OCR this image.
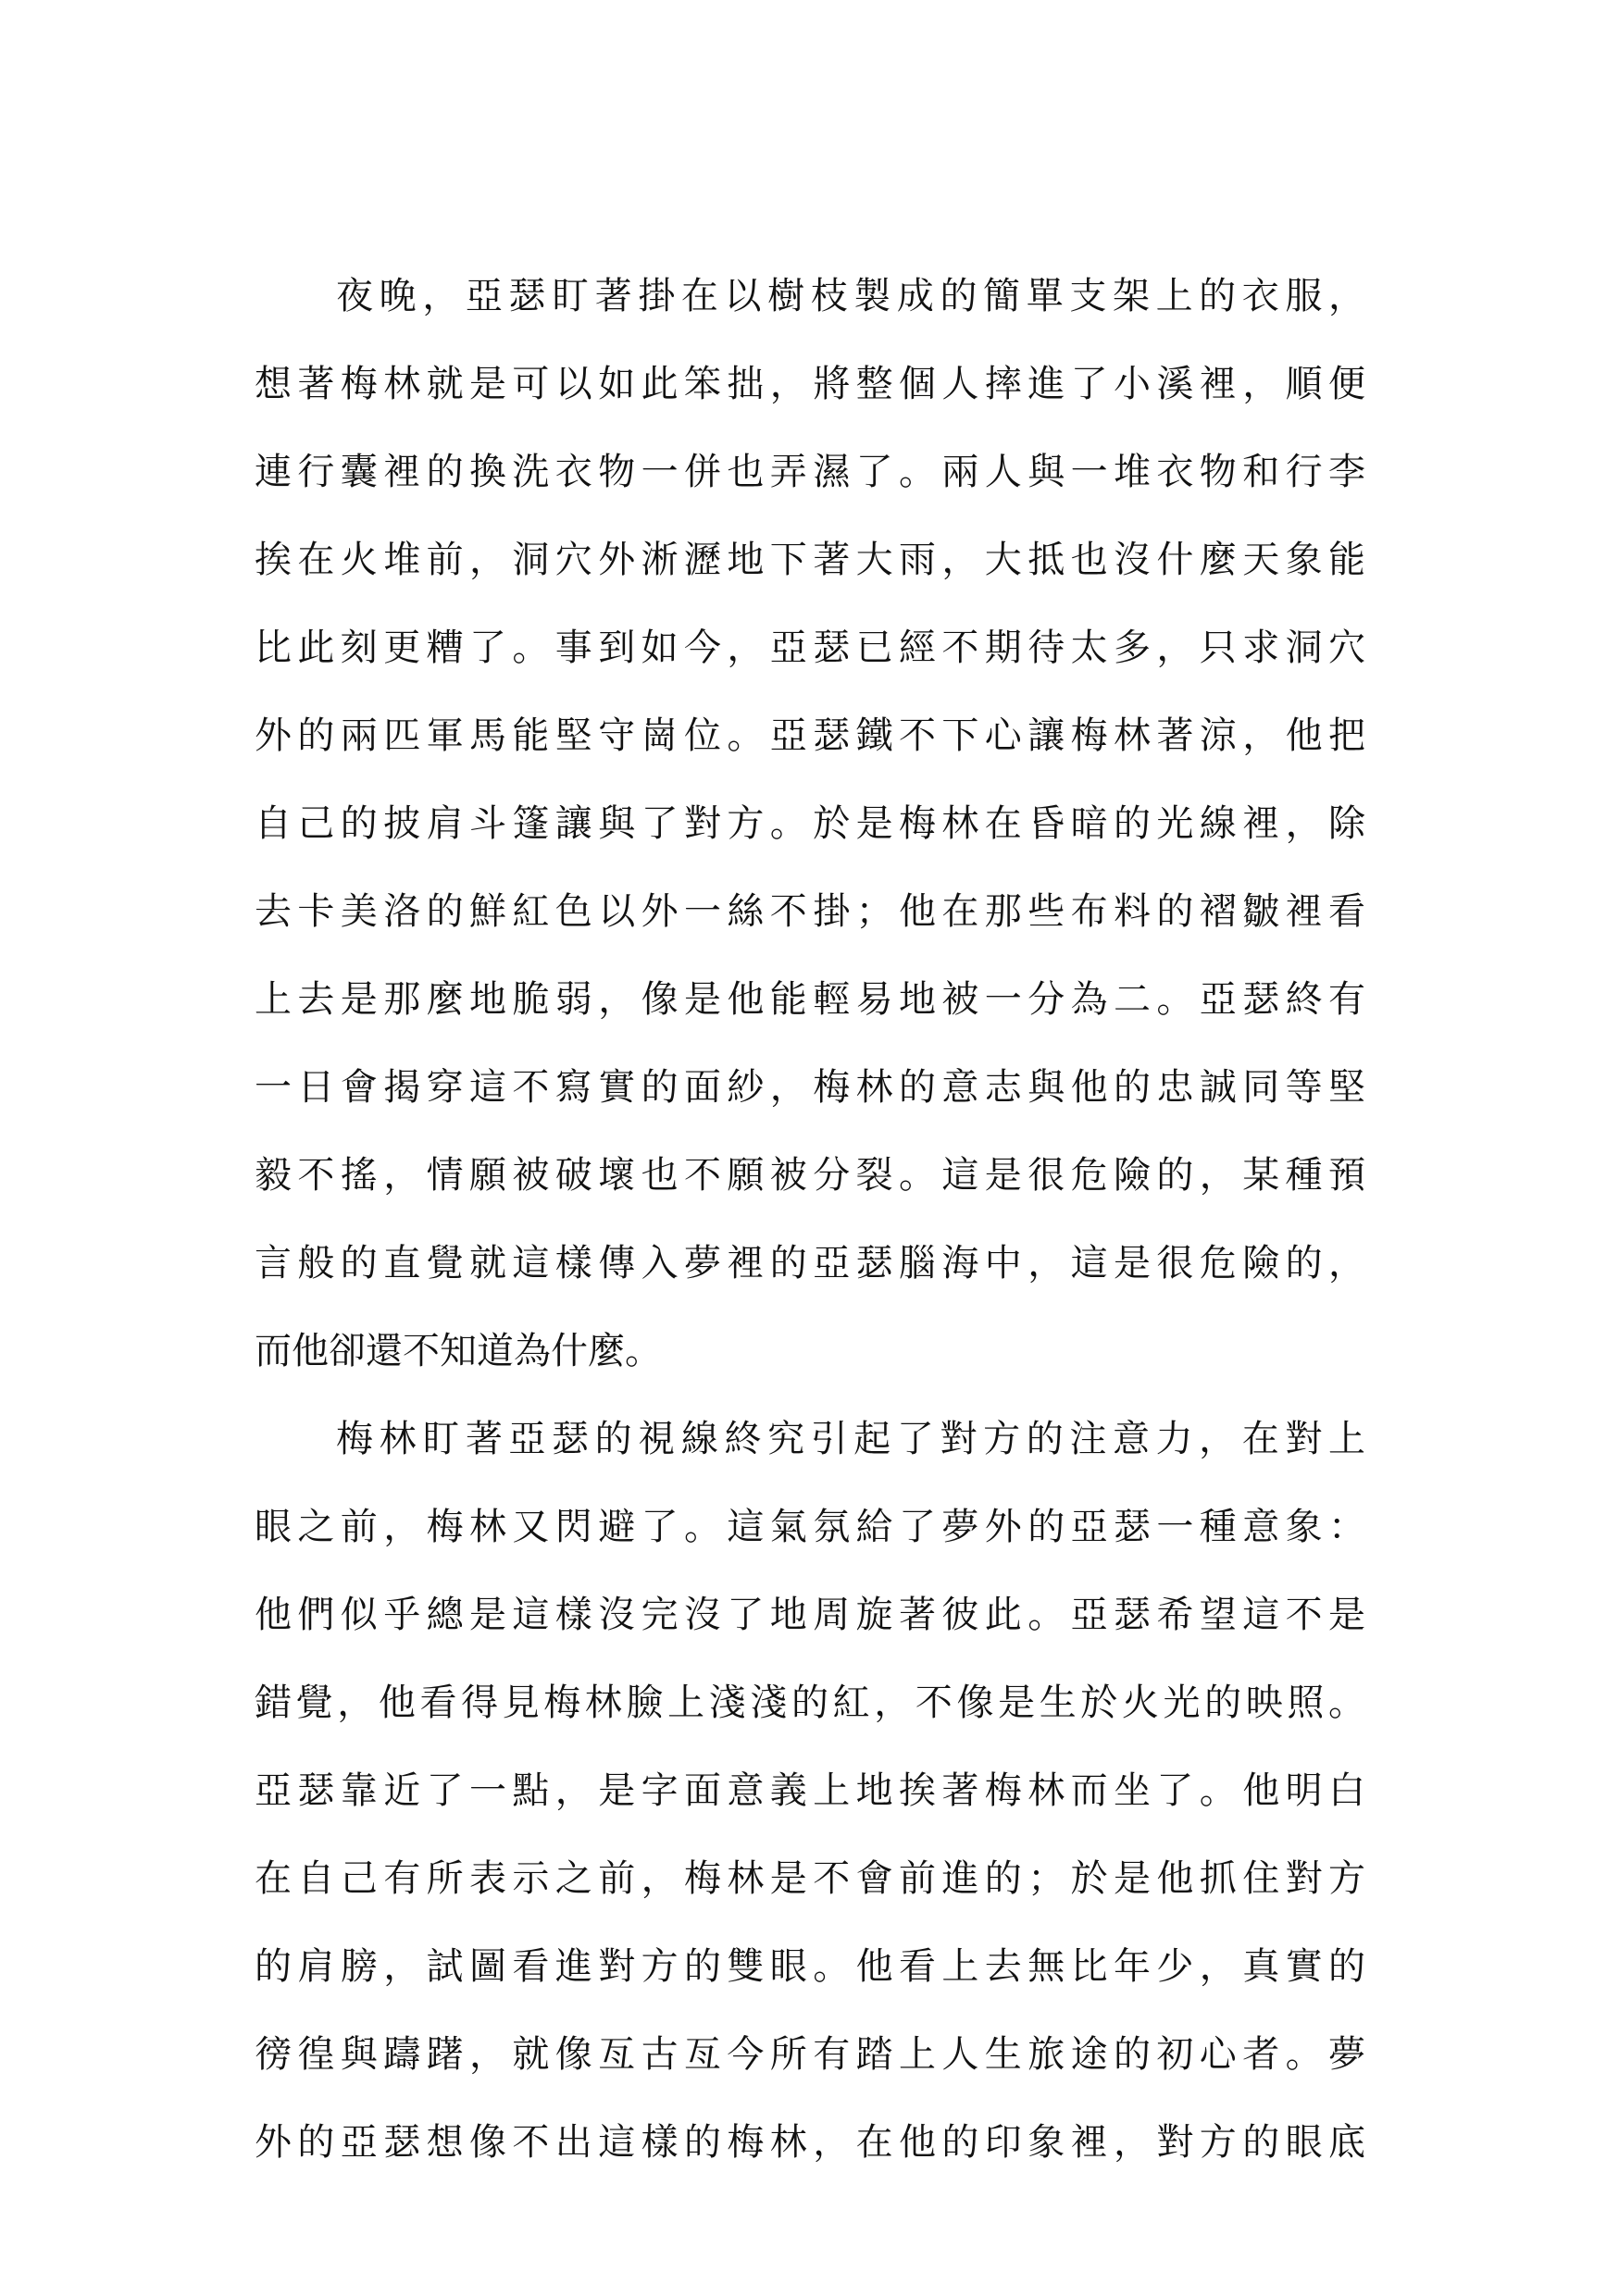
夜晚，亞瑟盯著掛在以樹枝製成的簡單支架上的衣服，
想著梅林就是可以如此笨拙，將整個人摔進了小溪裡，順便
連行囊裡的換洗衣物一併也弄濕了。兩人與一堆衣物和行李
挨在火堆前，洞穴外淅瀝地下著大雨，大抵也沒什麼天象能
比此刻更糟了。事到如今，亞瑟已經不期待太多，只求洞穴
外的兩匹軍馬能堅守崗位。亞瑟鐵不下心讓梅林著涼，他把
自己的披肩斗篷讓與了對方。於是梅林在昏暗的光線裡，除
去卡美洛的鮮紅色以外一絲不掛；他在那些布料的褶皺裡看
上去是那麼地脆弱，像是他能輕易地被一分為二。亞瑟終有
一日會揭穿這不寫實的面紗，梅林的意志與他的忠誠同等堅
毅不搖，情願被破壞也不願被分裂。這是很危險的，某種預
言般的直覺就這樣傳入夢裡的亞瑟腦海中，這是很危險的，
而他卻還不知道為什麼。
梅林盯著亞瑟的視線終究引起了對方的注意力，在對上
眼之前，梅林又閃避了。這氣氛給了夢外的亞瑟一種意象：
他們似乎總是這樣沒完沒了地周旋著彼此。亞瑟希望這不是
錯覺，他看得見梅林臉上淺淺的紅，不像是生於火光的映照。
亞瑟靠近了一點，是字面意義上地挨著梅林而坐了。他明白
在自己有所表示之前，梅林是不會前進的；於是他抓住對方
的肩膀，試圖看進對方的雙眼。他看上去無比年少，真實的
徬徨與躊躇，就像亙古亙今所有踏上人生旅途的初心者。夢
外的亞瑟想像不出這樣的梅林，在他的印象裡，對方的眼底
